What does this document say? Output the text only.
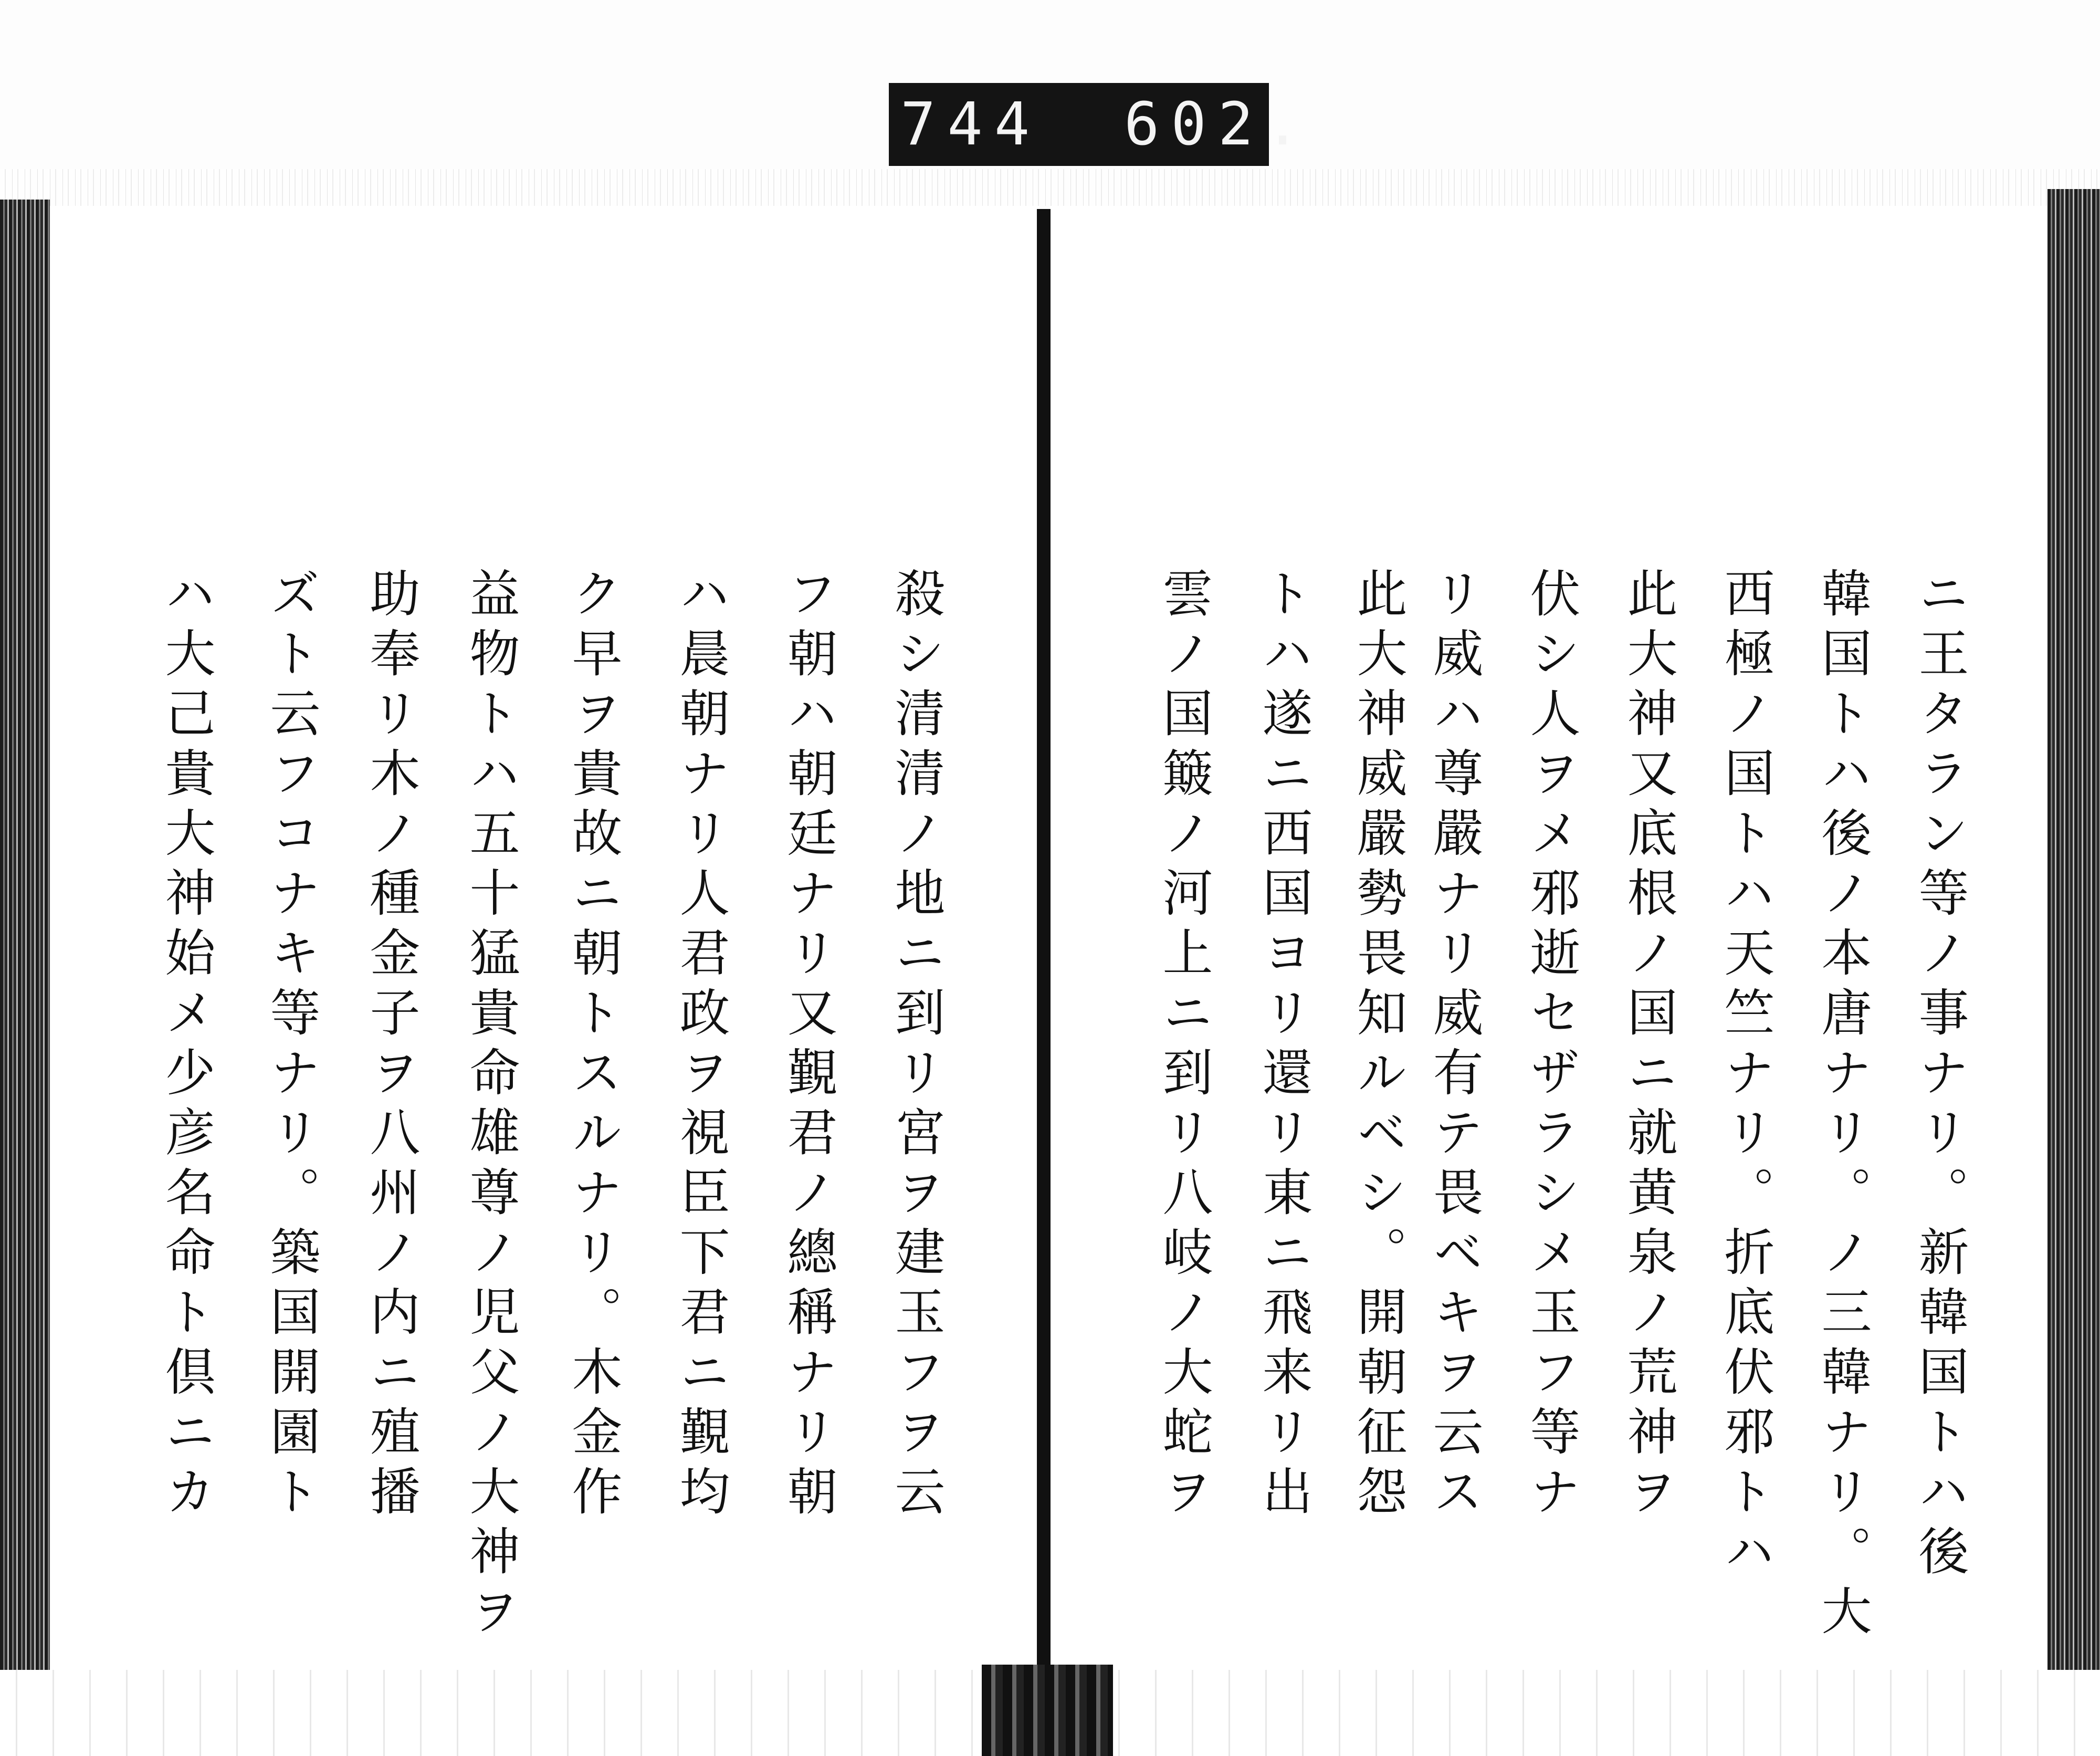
744 602.
ニ王タラン等ノ事ナリ。新韓国トハ後
韓国トハ後ノ本唐ナリ。ノ三韓ナリ。大
西極ノ国トハ天竺ナリ。折底伏邪トハ
此大神又底根ノ国ニ就黄泉ノ荒神ヲ
伏シ人ヲメ邪逝セザラシメ玉フ等ナ
リ威ハ尊嚴ナリ威有テ畏ベキヲ云ス
此大神威嚴勢畏知ルベシ。開朝征怨
トハ遂ニ西国ヨリ還リ東ニ飛来リ出
雲ノ国簸ノ河上ニ到リ八岐ノ大蛇ヲ
殺シ清清ノ地ニ到リ宮ヲ建玉フヲ云
フ朝ハ朝廷ナリ又覲君ノ總稱ナリ朝
ハ晨朝ナリ人君政ヲ視臣下君ニ覲均
ク早ヲ貴故ニ朝トスルナリ。木金作
益物トハ五十猛貴命雄尊ノ児父ノ大神ヲ
助奉リ木ノ種金子ヲ八州ノ内ニ殖播
ズト云フコナキ等ナリ。築国開園ト
ハ大己貴大神始メ少彦名命ト倶ニカ
